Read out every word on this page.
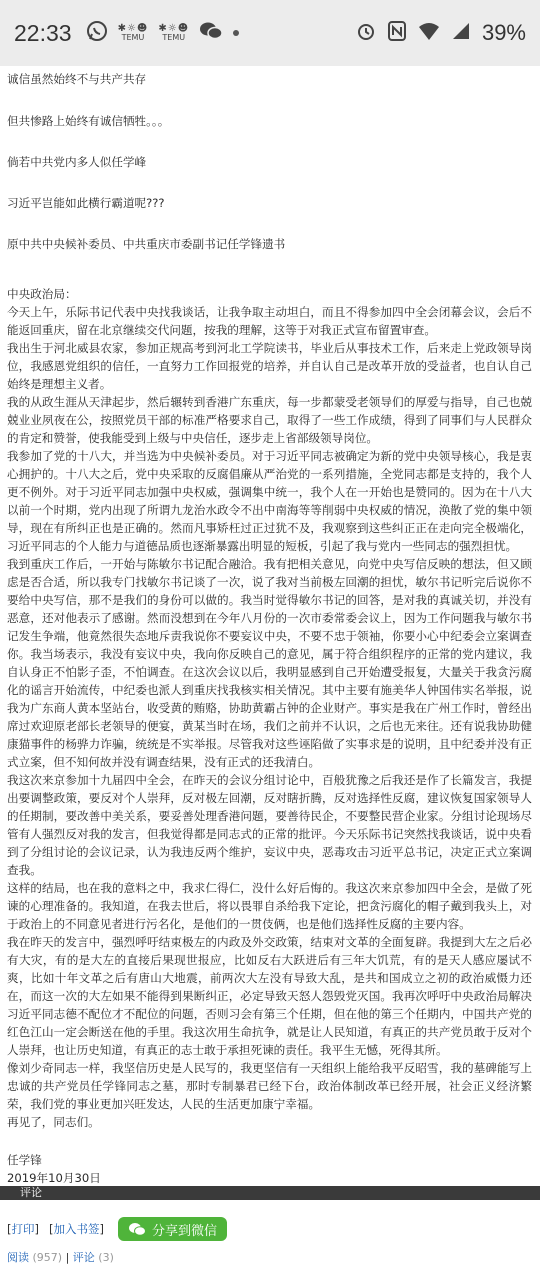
22:33	✱☼☻
TEMU
✱☼☻
TEMU	39%

诚信虽然始终不与共产共存

但共惨路上始终有诚信牺牲。。。

倘若中共党内多人似任学峰

习近平岂能如此横行霸道呢???

原中共中央候补委员、中共重庆市委副书记任学锋遗书

中央政治局：

今天上午，乐际书记代表中央找我谈话，让我争取主动坦白，而且不得参加四中全会闭幕会议，会后不能返回重庆，留在北京继续交代问题，按我的理解，这等于对我正式宣布留置审查。

我出生于河北威县农家，参加正规高考到河北工学院读书，毕业后从事技术工作，后来走上党政领导岗位，我感恩党组织的信任，一直努力工作回报党的培养，并自认自己是改革开放的受益者，也自认自己始终是理想主义者。

我的从政生涯从天津起步，然后辗转到香港广东重庆，每一步都蒙受老领导们的厚爱与指导，自己也兢兢业业夙夜在公，按照党员干部的标准严格要求自己，取得了一些工作成绩，得到了同事们与人民群众的肯定和赞誉，使我能受到上级与中央信任，逐步走上省部级领导岗位。

我参加了党的十八大，并当选为中央候补委员。对于习近平同志被确定为新的党中央领导核心，我是衷心拥护的。十八大之后，党中央采取的反腐倡廉从严治党的一系列措施，全党同志都是支持的，我个人更不例外。对于习近平同志加强中央权威，强调集中统一，我个人在一开始也是赞同的。因为在十八大以前一个时期，党内出现了所谓九龙治水政令不出中南海等等削弱中央权威的情况，涣散了党的集中领导，现在有所纠正也是正确的。然而凡事矫枉过正过犹不及，我观察到这些纠正正在走向完全极端化，习近平同志的个人能力与道德品质也逐渐暴露出明显的短板，引起了我与党内一些同志的强烈担忧。

我到重庆工作后，一开始与陈敏尔书记配合融洽。我有把相关意见，向党中央写信反映的想法，但又顾虑是否合适，所以我专门找敏尔书记谈了一次，说了我对当前极左回潮的担忧，敏尔书记听完后说你不要给中央写信，那不是我们的身份可以做的。我当时觉得敏尔书记的回答，是对我的真诚关切，并没有恶意，还对他表示了感谢。然而没想到在今年八月份的一次市委常委会议上，因为工作问题我与敏尔书记发生争端，他竟然很失态地斥责我说你不要妄议中央，不要不忠于领袖，你要小心中纪委会立案调查你。我当场表示，我没有妄议中央，我向你反映自己的意见，属于符合组织程序的正常的党内建议，我自认身正不怕影子歪，不怕调查。在这次会议以后，我明显感到自己开始遭受报复，大量关于我贪污腐化的谣言开始流传，中纪委也派人到重庆找我核实相关情况。其中主要有施美华人钟国伟实名举报，说我为广东商人黄本坚站台，收受黄的贿赂，协助黄霸占钟的企业财产。事实是我在广州工作时，曾经出席过欢迎原老部长老领导的便宴，黄某当时在场，我们之前并不认识，之后也无来往。还有说我协助健康猫事件的杨骅力诈骗，统统是不实举报。尽管我对这些诬陷做了实事求是的说明，且中纪委并没有正式立案，但不知何故并没有调查结果，没有正式的还我清白。

我这次来京参加十九届四中全会，在昨天的会议分组讨论中，百般犹豫之后我还是作了长篇发言，我提出要调整政策，要反对个人崇拜，反对极左回潮，反对瞎折腾，反对选择性反腐，建议恢复国家领导人的任期制，要改善中美关系，要妥善处理香港问题，要善待民企，不要整民营企业家。分组讨论现场尽管有人强烈反对我的发言，但我觉得都是同志式的正常的批评。今天乐际书记突然找我谈话，说中央看到了分组讨论的会议记录，认为我违反两个维护，妄议中央，恶毒攻击习近平总书记，决定正式立案调查我。

这样的结局，也在我的意料之中，我求仁得仁，没什么好后悔的。我这次来京参加四中全会，是做了死谏的心理准备的。我知道，在我去世后，将以畏罪自杀给我下定论，把贪污腐化的帽子戴到我头上，对于政治上的不同意见者进行污名化，是他们的一贯伎俩，也是他们选择性反腐的主要内容。

我在昨天的发言中，强烈呼吁结束极左的内政及外交政策，结束对文革的全面复辟。我提到大左之后必有大灾，有的是大左的直接后果现世报应，比如反右大跃进后有三年大饥荒，有的是天人感应屡试不爽，比如十年文革之后有唐山大地震，前两次大左没有导致大乱，是共和国成立之初的政治威慑力还在，而这一次的大左如果不能得到果断纠正，必定导致天怒人怨毁党灭国。我再次呼吁中央政治局解决习近平同志德不配位才不配位的问题，否则习会有第三个任期，但在他的第三个任期内，中国共产党的红色江山一定会断送在他的手里。我这次用生命抗争，就是让人民知道，有真正的共产党员敢于反对个人崇拜，也让历史知道，有真正的志士敢于承担死谏的责任。我平生无憾，死得其所。

像刘少奇同志一样，我坚信历史是人民写的，我更坚信有一天组织上能给我平反昭雪，我的墓碑能写上忠诚的共产党员任学锋同志之墓，那时专制暴君已经下台，政治体制改革已经开展，社会正义经济繁荣，我们党的事业更加兴旺发达，人民的生活更加康宁幸福。

再见了，同志们。

任学锋

2019年10月30日

[ 打印 ] [ 加入书签 ]	分享到微信
阅读 (957) | 评论 (3)
评论
